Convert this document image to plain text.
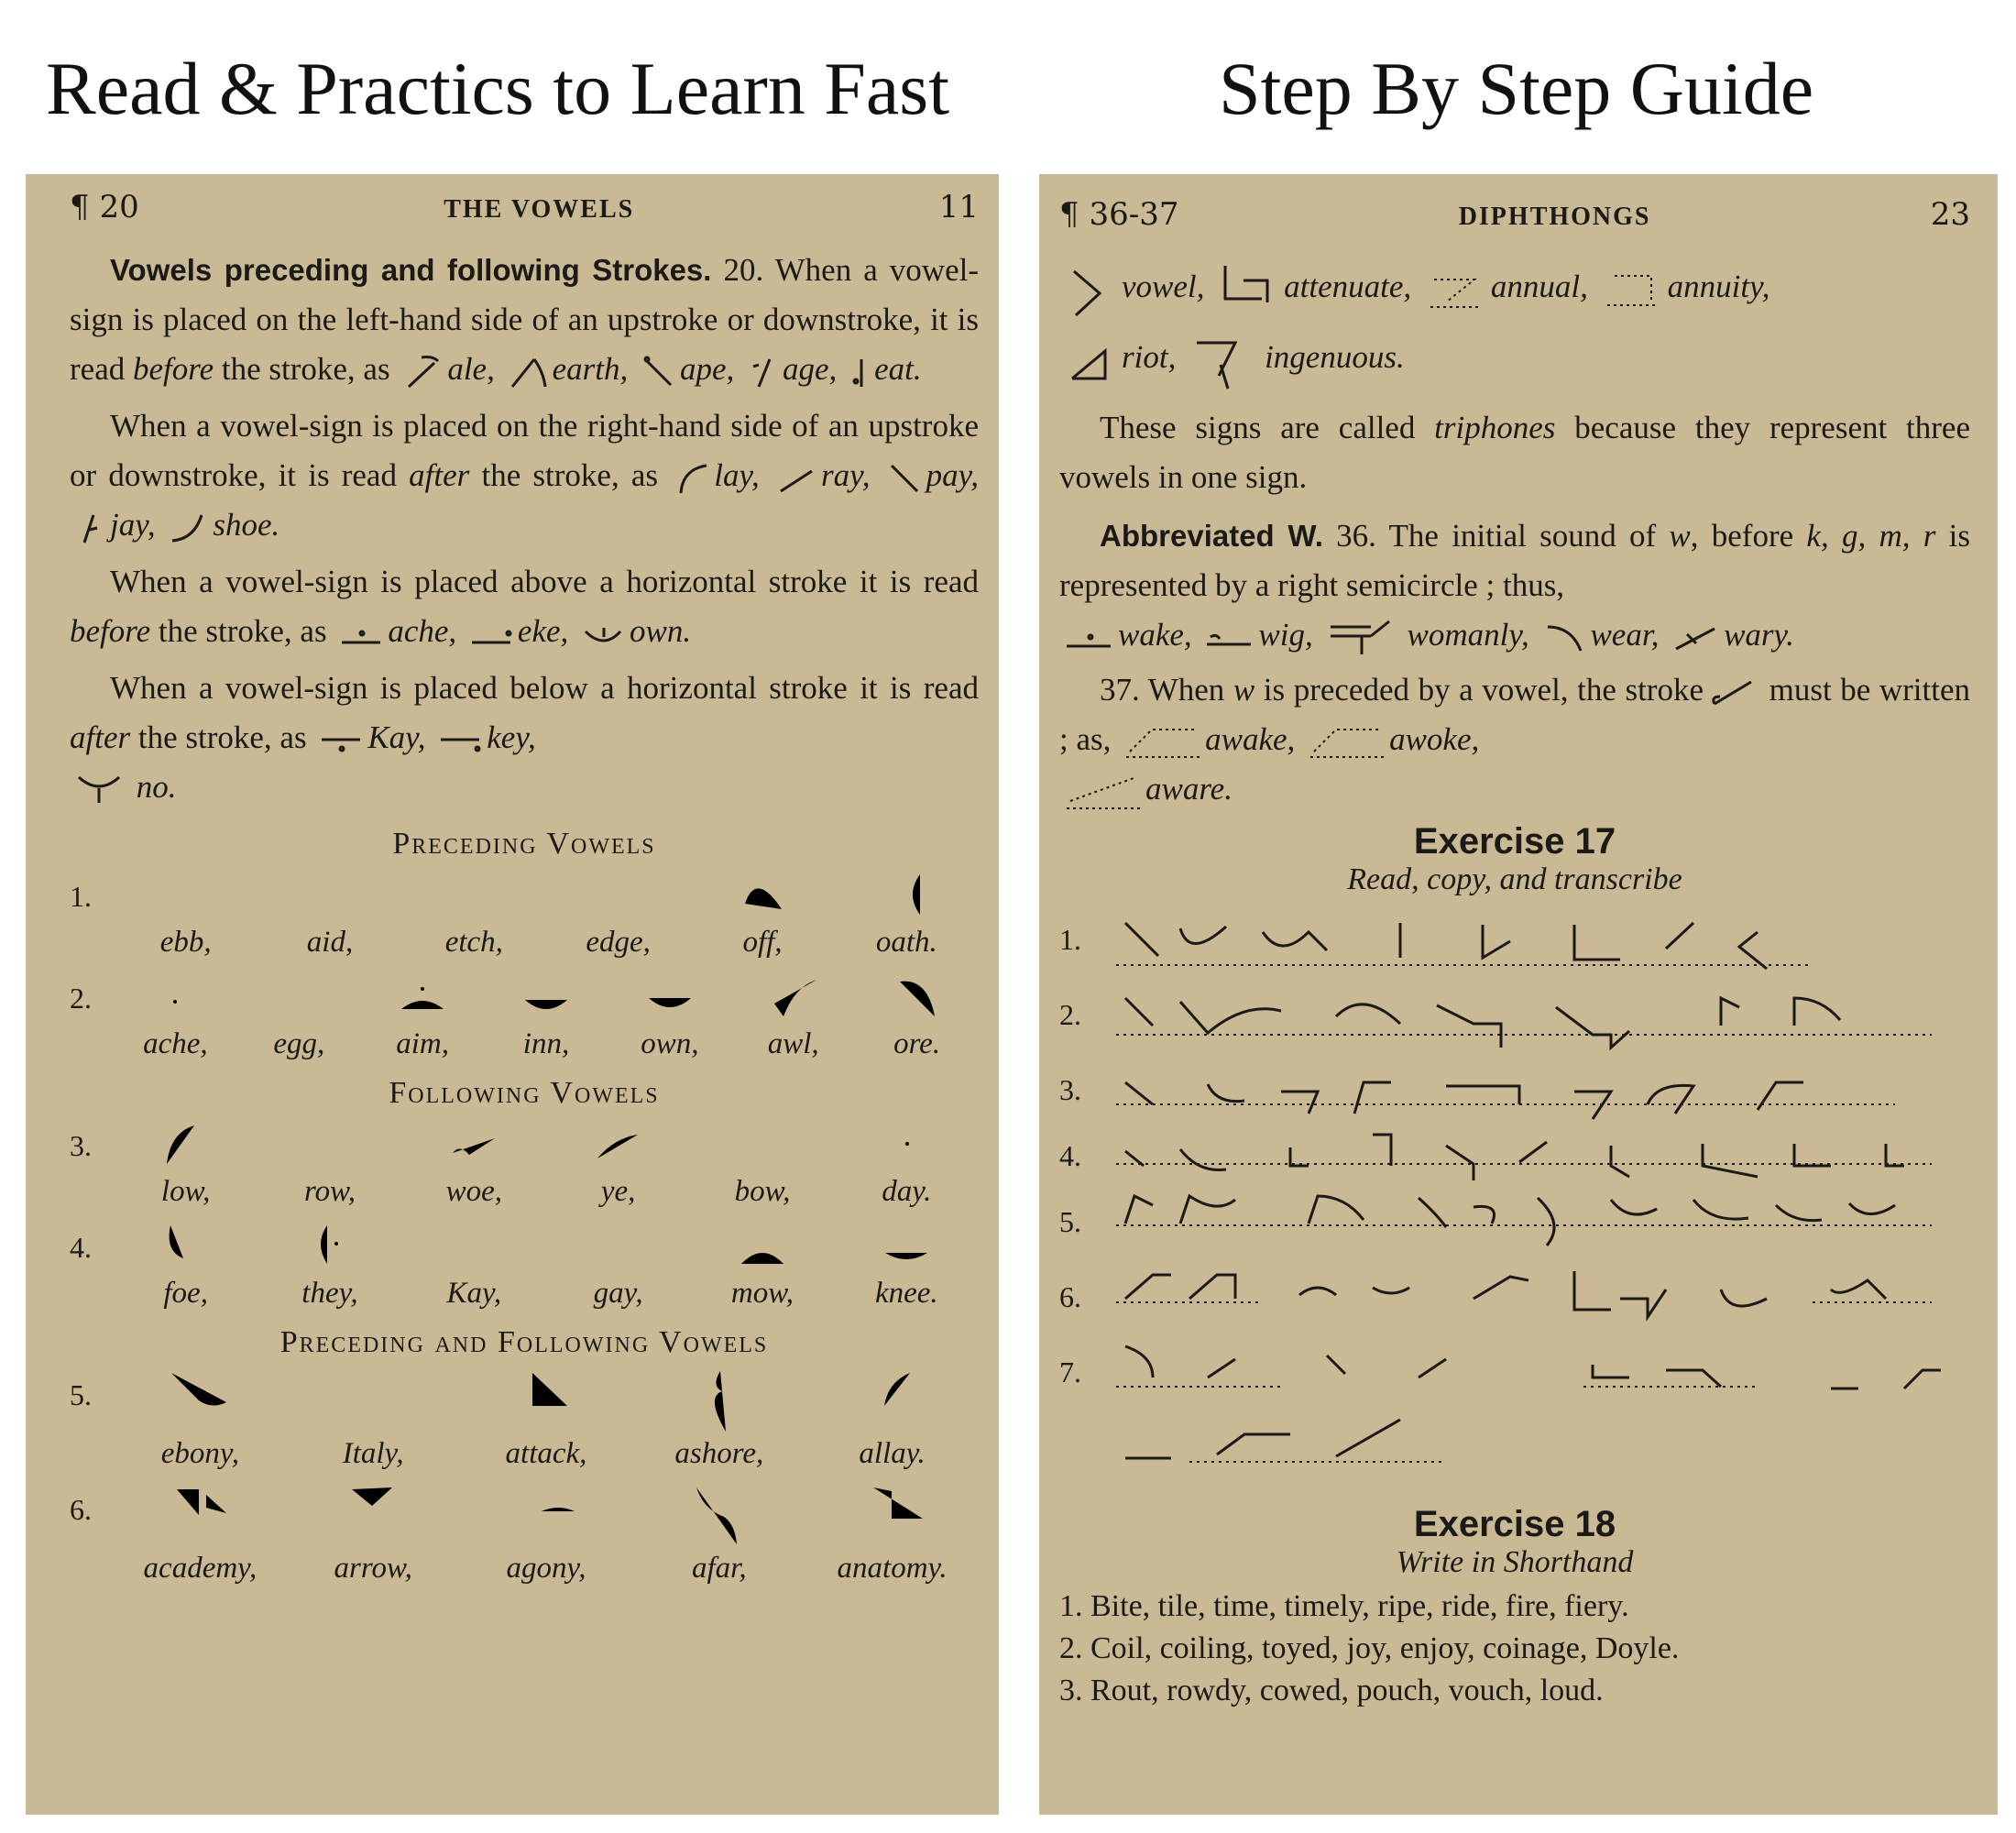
Read & Practics to Learn Fast	Step By Step Guide
¶ 20	THE VOWELS	11

Vowels preceding and following Strokes. 20. When a vowel-sign is placed on the left-hand side of an upstroke or downstroke, it is read before the stroke, as ale, earth, ape, age, eat.

When a vowel-sign is placed on the right-hand side of an upstroke or downstroke, it is read after the stroke, as lay, ray, pay, jay, shoe.

When a vowel-sign is placed above a horizontal stroke it is read before the stroke, as ache, eke, own.

When a vowel-sign is placed below a horizontal stroke it is read after the stroke, as Kay, key,

no.

Preceding Vowels
1.
ebb,	aid,	etch,	edge,	off,	oath.
2.
ache, egg, aim, inn, own, awl, ore.
Following Vowels
3.
low,	row,	woe,	ye,	bow,	day.
4.
foe,	they,	Kay,	gay,	mow,	knee.
Preceding and Following Vowels
5.
ebony,	Italy,	attack,	ashore,	allay.
6.
academy,	arrow,	agony,	afar,	anatomy.
¶ 36-37	DIPHTHONGS	23

vowel, attenuate, annual, annuity,

riot,	ingenuous.

These signs are called triphones because they represent three vowels in one sign.

Abbreviated W. 36. The initial sound of w, before k, g, m, r is represented by a right semicircle ; thus,

wake, wig,	womanly, wear, wary.

37. When w is preceded by a vowel, the stroke must be written ; as,	awake,	awoke,

aware.

Exercise 17
Read, copy, and transcribe
1.
2.
3.
4.
5.
6.
7.
Exercise 18
Write in Shorthand
1. Bite, tile, time, timely, ripe, ride, fire, fiery.
2. Coil, coiling, toyed, joy, enjoy, coinage, Doyle.
3. Rout, rowdy, cowed, pouch, vouch, loud.
